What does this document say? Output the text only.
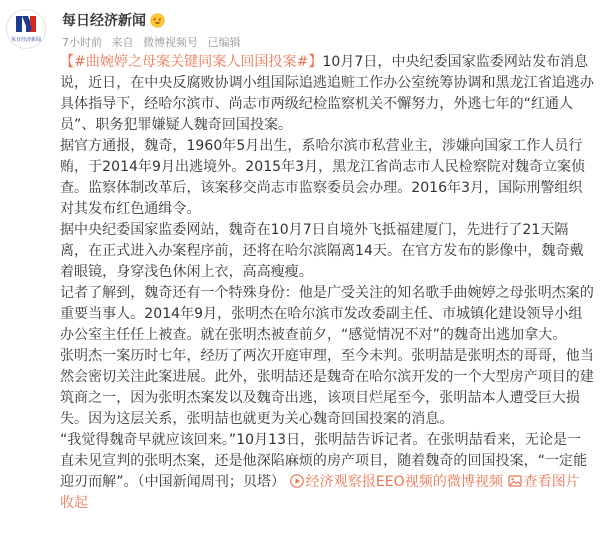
每日经济新闻
每日经济新闻
7小时前 来自 微博视频号 已编辑

【#曲婉婷之母案关键同案人回国投案#】10月7日，中央纪委国家监委网站发布消息说，近日，在中央反腐败协调小组国际追逃追赃工作办公室统筹协调和黑龙江省追逃办具体指导下，经哈尔滨市、尚志市两级纪检监察机关不懈努力，外逃七年的“红通人员”、职务犯罪嫌疑人魏奇回国投案。

据官方通报，魏奇，1960年5月出生，系哈尔滨市私营业主，涉嫌向国家工作人员行贿，于2014年9月出逃境外。2015年3月，黑龙江省尚志市人民检察院对魏奇立案侦查。监察体制改革后，该案移交尚志市监察委员会办理。2016年3月，国际刑警组织对其发布红色通缉令。

据中央纪委国家监委网站，魏奇在10月7日自境外飞抵福建厦门，先进行了21天隔离，在正式进入办案程序前，还将在哈尔滨隔离14天。在官方发布的影像中，魏奇戴着眼镜，身穿浅色休闲上衣，高高瘦瘦。

记者了解到，魏奇还有一个特殊身份：他是广受关注的知名歌手曲婉婷之母张明杰案的重要当事人。2014年9月，张明杰在哈尔滨市发改委副主任、市城镇化建设领导小组办公室主任任上被查。就在张明杰被查前夕，“感觉情况不对”的魏奇出逃加拿大。

张明杰一案历时七年，经历了两次开庭审理，至今未判。张明喆是张明杰的哥哥，他当然会密切关注此案进展。此外，张明喆还是魏奇在哈尔滨开发的一个大型房产项目的建筑商之一，因为张明杰案发以及魏奇出逃，该项目烂尾至今，张明喆本人遭受巨大损失。因为这层关系，张明喆也就更为关心魏奇回国投案的消息。

“我觉得魏奇早就应该回来。”10月13日，张明喆告诉记者。在张明喆看来，无论是一直未见宣判的张明杰案，还是他深陷麻烦的房产项目，随着魏奇的回国投案，“一定能迎刃而解”。（中国新闻周刊；贝塔） 经济观察报EEO视频的微博视频 查看图片 收起
